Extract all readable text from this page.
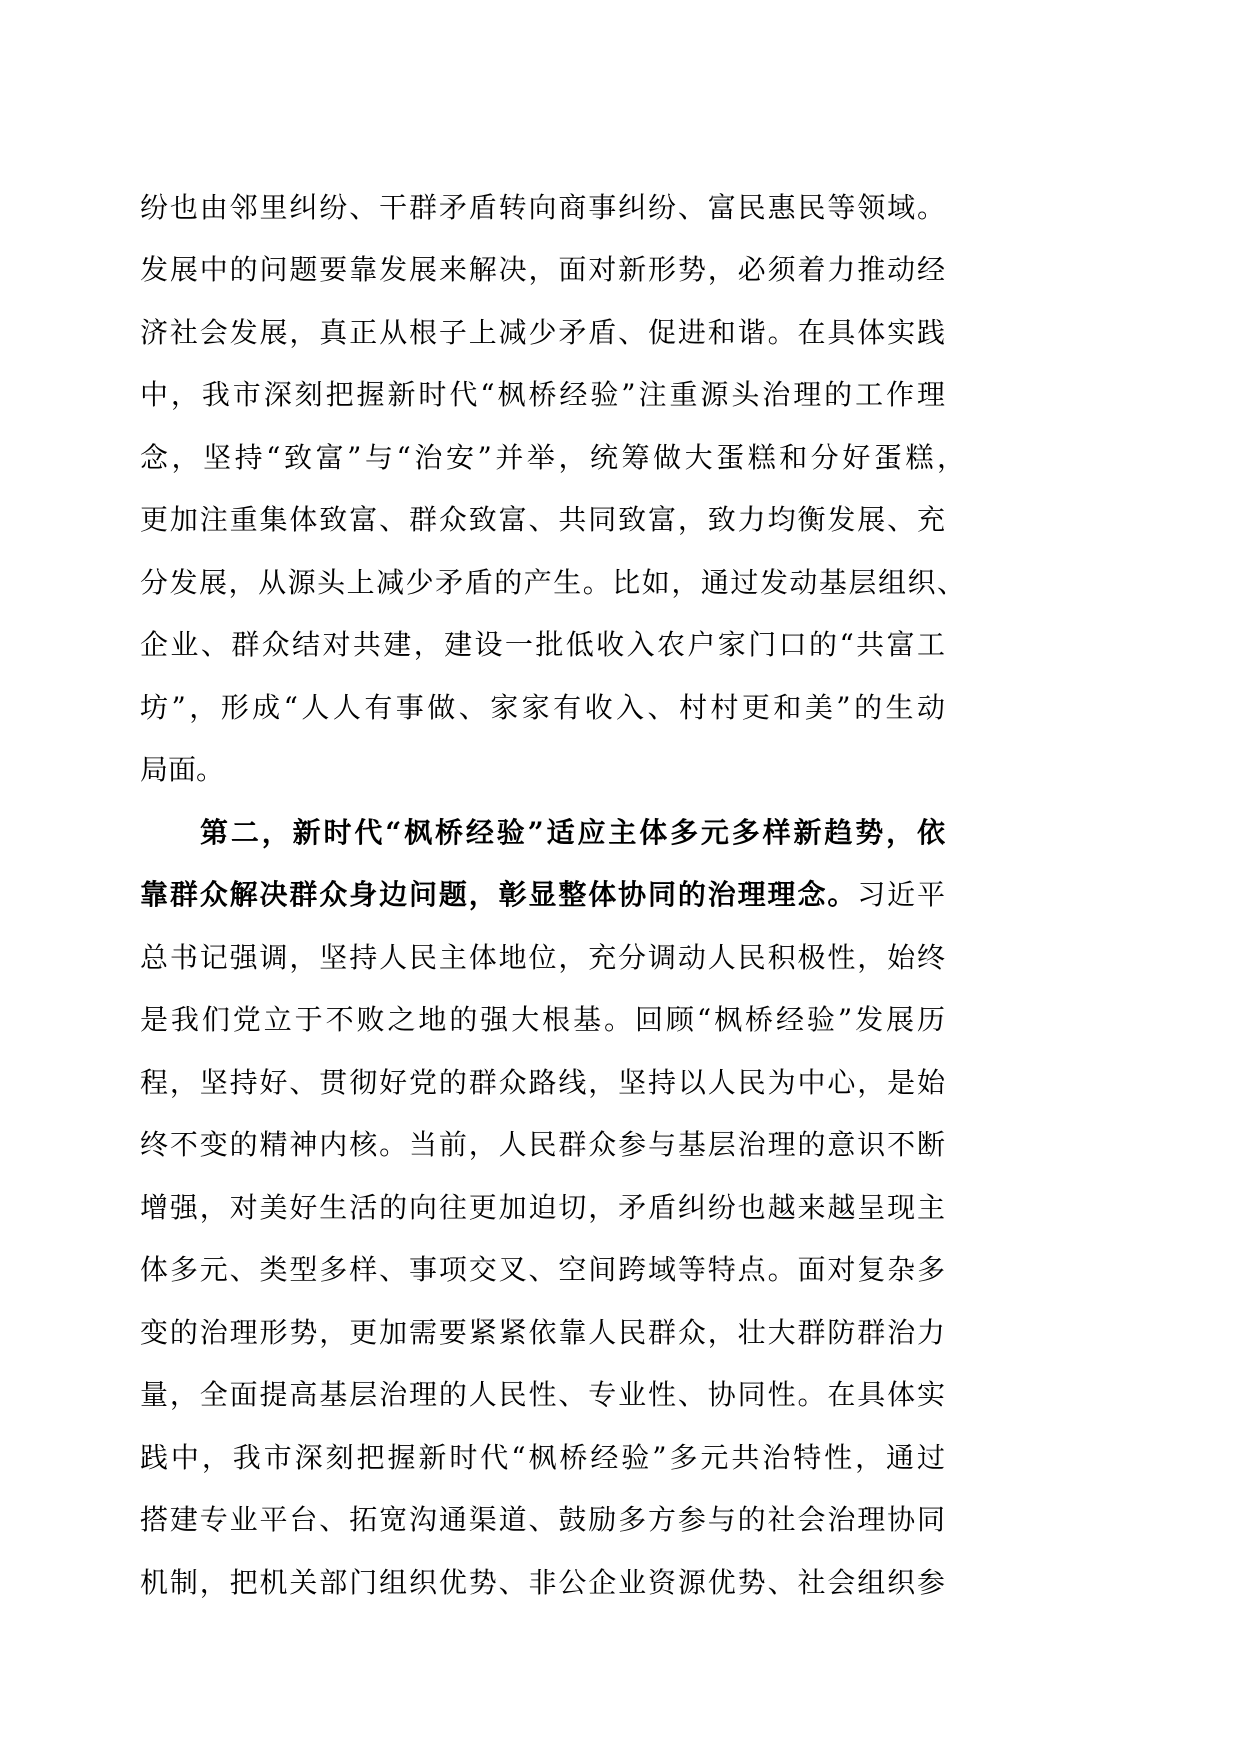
纷也由邻里纠纷、干群矛盾转向商事纠纷、富民惠民等领域。
发展中的问题要靠发展来解决，面对新形势，必须着力推动经
济社会发展，真正从根子上减少矛盾、促进和谐。在具体实践
中，我市深刻把握新时代“枫桥经验”注重源头治理的工作理
念，坚持“致富”与“治安”并举，统筹做大蛋糕和分好蛋糕，
更加注重集体致富、群众致富、共同致富，致力均衡发展、充
分发展，从源头上减少矛盾的产生。比如，通过发动基层组织、
企业、群众结对共建，建设一批低收入农户家门口的“共富工
坊”，形成“人人有事做、家家有收入、村村更和美”的生动
局面。
第二，新时代“枫桥经验”适应主体多元多样新趋势，依
靠群众解决群众身边问题，彰显整体协同的治理理念。习近平
总书记强调，坚持人民主体地位，充分调动人民积极性，始终
是我们党立于不败之地的强大根基。回顾“枫桥经验”发展历
程，坚持好、贯彻好党的群众路线，坚持以人民为中心，是始
终不变的精神内核。当前，人民群众参与基层治理的意识不断
增强，对美好生活的向往更加迫切，矛盾纠纷也越来越呈现主
体多元、类型多样、事项交叉、空间跨域等特点。面对复杂多
变的治理形势，更加需要紧紧依靠人民群众，壮大群防群治力
量，全面提高基层治理的人民性、专业性、协同性。在具体实
践中，我市深刻把握新时代“枫桥经验”多元共治特性，通过
搭建专业平台、拓宽沟通渠道、鼓励多方参与的社会治理协同
机制，把机关部门组织优势、非公企业资源优势、社会组织参
